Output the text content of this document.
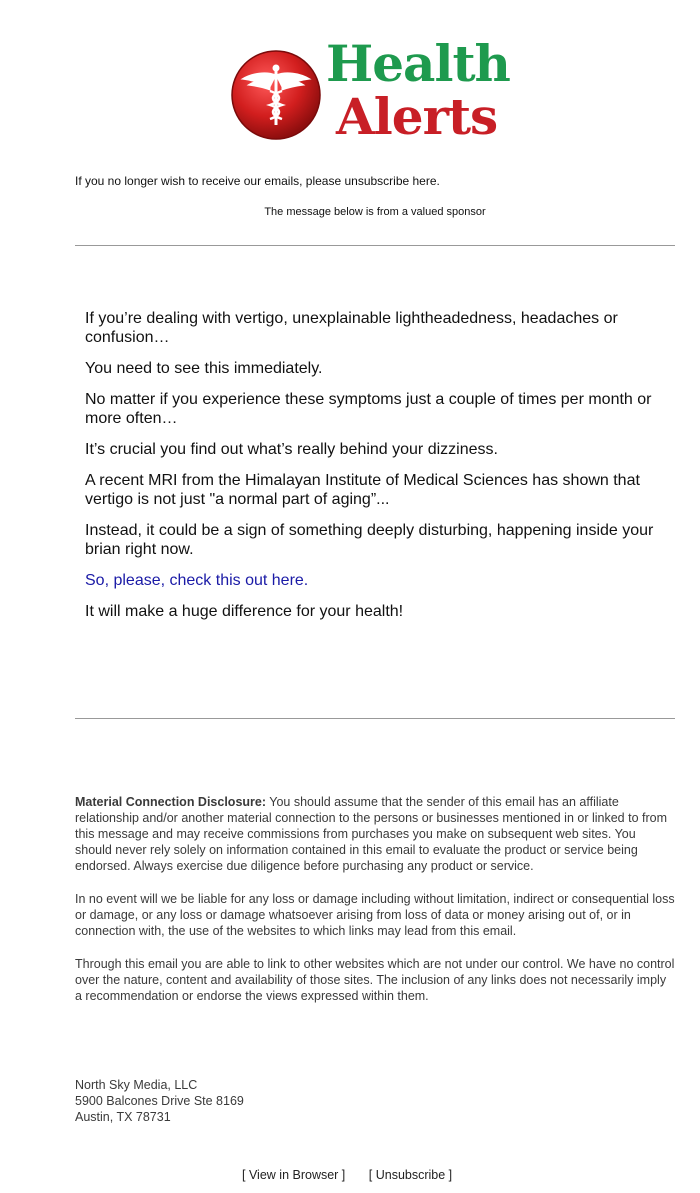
Health
Alerts
If you no longer wish to receive our emails, please unsubscribe here.
The message below is from a valued sponsor

If you’re dealing with vertigo, unexplainable lightheadedness, headaches or confusion…

You need to see this immediately.

No matter if you experience these symptoms just a couple of times per month or more often…

It’s crucial you find out what’s really behind your dizziness.

A recent MRI from the Himalayan Institute of Medical Sciences has shown that vertigo is not just "a normal part of aging”...

Instead, it could be a sign of something deeply disturbing, happening inside your brian right now.

So, please, check this out here.

It will make a huge difference for your health!

Material Connection Disclosure: You should assume that the sender of this email has an affiliate relationship and/or another material connection to the persons or businesses mentioned in or linked to from this message and may receive commissions from purchases you make on subsequent web sites. You should never rely solely on information contained in this email to evaluate the product or service being endorsed. Always exercise due diligence before purchasing any product or service.

In no event will we be liable for any loss or damage including without limitation, indirect or consequential loss or damage, or any loss or damage whatsoever arising from loss of data or money arising out of, or in connection with, the use of the websites to which links may lead from this email.

Through this email you are able to link to other websites which are not under our control. We have no control over the nature, content and availability of those sites. The inclusion of any links does not necessarily imply a recommendation or endorse the views expressed within them.

North Sky Media, LLC
5900 Balcones Drive Ste 8169
Austin, TX 78731
[ View in Browser ] [ Unsubscribe ]
